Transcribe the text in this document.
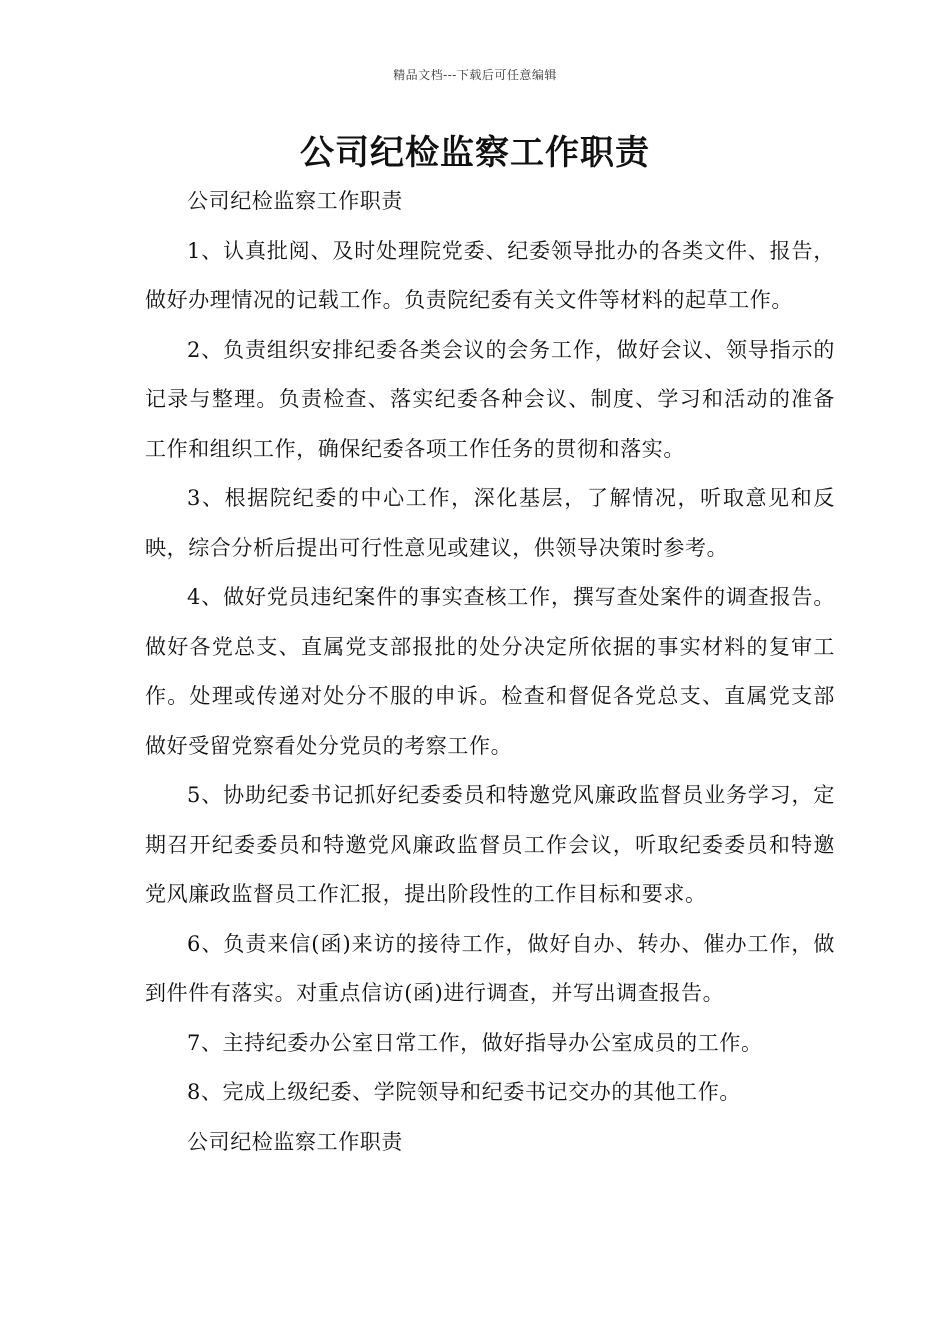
精品文档---下载后可任意编辑
公司纪检监察工作职责

公司纪检监察工作职责

1、认真批阅、及时处理院党委、纪委领导批办的各类文件、报告，做好办理情况的记载工作。负责院纪委有关文件等材料的起草工作。

2、负责组织安排纪委各类会议的会务工作，做好会议、领导指示的记录与整理。负责检查、落实纪委各种会议、制度、学习和活动的准备工作和组织工作，确保纪委各项工作任务的贯彻和落实。

3、根据院纪委的中心工作，深化基层，了解情况，听取意见和反映，综合分析后提出可行性意见或建议，供领导决策时参考。

4、做好党员违纪案件的事实查核工作，撰写查处案件的调查报告。做好各党总支、直属党支部报批的处分决定所依据的事实材料的复审工作。处理或传递对处分不服的申诉。检查和督促各党总支、直属党支部做好受留党察看处分党员的考察工作。

5、协助纪委书记抓好纪委委员和特邀党风廉政监督员业务学习，定期召开纪委委员和特邀党风廉政监督员工作会议，听取纪委委员和特邀党风廉政监督员工作汇报，提出阶段性的工作目标和要求。

6、负责来信(函)来访的接待工作，做好自办、转办、催办工作，做到件件有落实。对重点信访(函)进行调查，并写出调查报告。

7、主持纪委办公室日常工作，做好指导办公室成员的工作。

8、完成上级纪委、学院领导和纪委书记交办的其他工作。

公司纪检监察工作职责
